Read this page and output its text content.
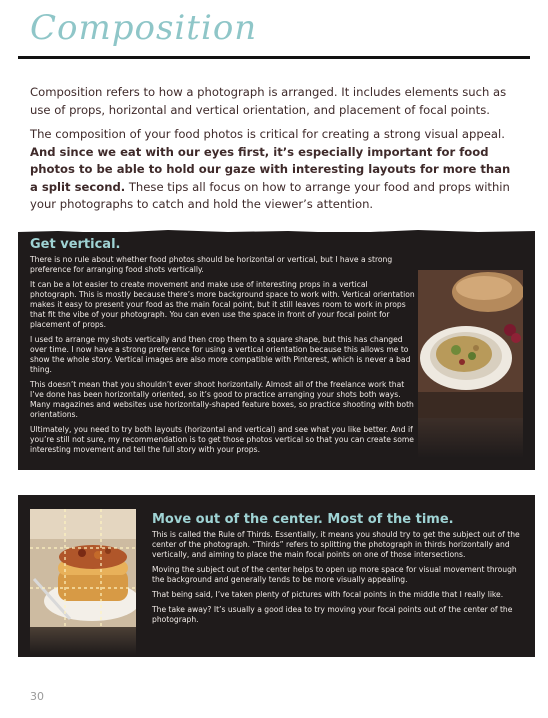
Composition

Composition refers to how a photograph is arranged. It includes elements such as use of props, horizontal and vertical orientation, and placement of focal points.

The composition of your food photos is critical for creating a strong visual appeal. And since we eat with our eyes first, it’s especially important for food photos to be able to hold our gaze with interesting layouts for more than a split second. These tips all focus on how to arrange your food and props within your photographs to catch and hold the viewer’s attention.

Get vertical.

There is no rule about whether food photos should be horizontal or vertical, but I have a strong preference for arranging food shots vertically.

It can be a lot easier to create movement and make use of interesting props in a vertical photograph. This is mostly because there’s more background space to work with. Vertical orientation makes it easy to present your food as the main focal point, but it still leaves room to work in props that fit the vibe of your photograph. You can even use the space in front of your focal point for placement of props.

I used to arrange my shots vertically and then crop them to a square shape, but this has changed over time. I now have a strong preference for using a vertical orientation because this allows me to show the whole story. Vertical images are also more compatible with Pinterest, which is never a bad thing.

This doesn’t mean that you shouldn’t ever shoot horizontally. Almost all of the freelance work that I’ve done has been horizontally oriented, so it’s good to practice arranging your shots both ways. Many magazines and websites use horizontally-shaped feature boxes, so practice shooting with both orientations.

Ultimately, you need to try both layouts (horizontal and vertical) and see what you like better. And if you’re still not sure, my recommendation is to get those photos vertical so that you can create some interesting movement and tell the full story with your props.

Move out of the center. Most of the time.

This is called the Rule of Thirds. Essentially, it means you should try to get the subject out of the center of the photograph. “Thirds” refers to splitting the photograph in thirds horizontally and vertically, and aiming to place the main focal points on one of those intersections.

Moving the subject out of the center helps to open up more space for visual movement through the background and generally tends to be more visually appealing.

That being said, I’ve taken plenty of pictures with focal points in the middle that I really like.

The take away? It’s usually a good idea to try moving your focal points out of the center of the photograph.

30
